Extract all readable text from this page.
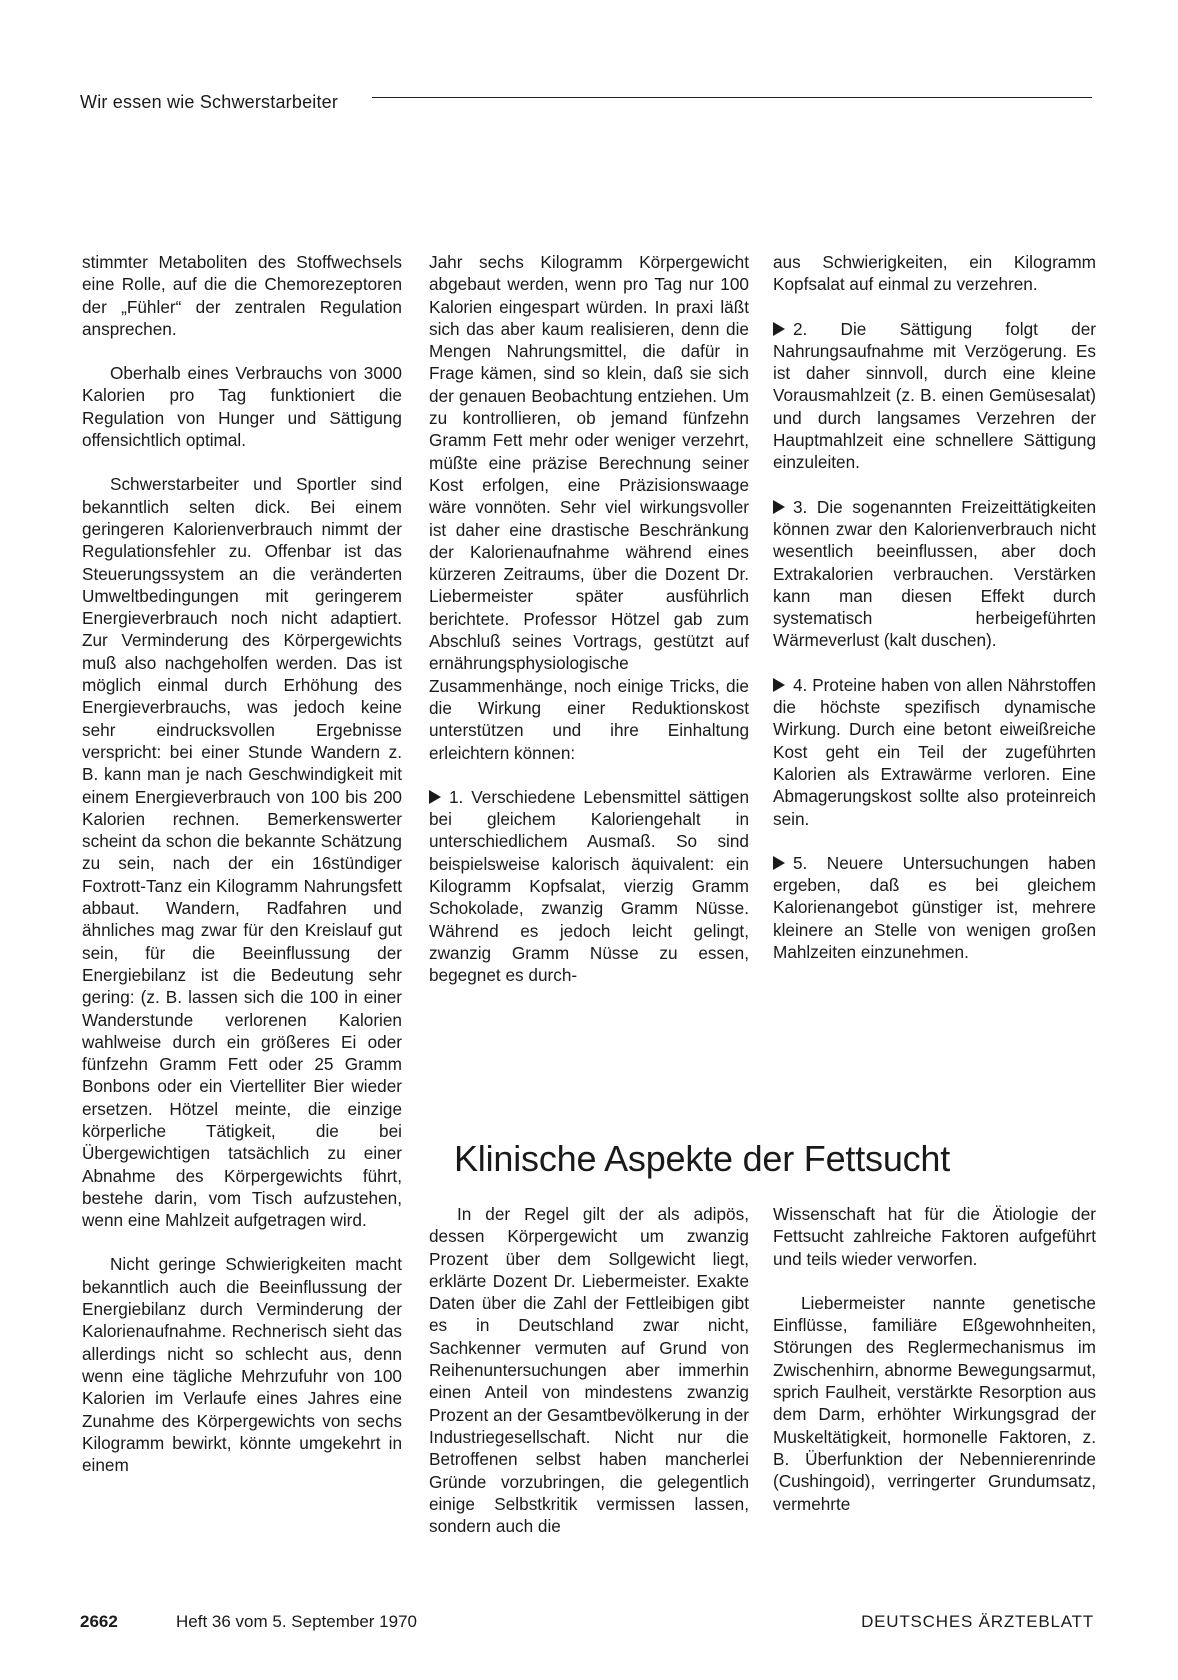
Wir essen wie Schwerstarbeiter

stimmter Metaboliten des Stoffwechsels eine Rolle, auf die die Chemorezeptoren der „Fühler“ der zentralen Regulation ansprechen.

Oberhalb eines Verbrauchs von 3000 Kalorien pro Tag funktioniert die Regulation von Hunger und Sättigung offensichtlich optimal.

Schwerstarbeiter und Sportler sind bekanntlich selten dick. Bei einem geringeren Kalorienverbrauch nimmt der Regulationsfehler zu. Offenbar ist das Steuerungssystem an die veränderten Umweltbedingungen mit geringerem Energieverbrauch noch nicht adaptiert. Zur Verminderung des Körpergewichts muß also nachgeholfen werden. Das ist möglich einmal durch Erhöhung des Energieverbrauchs, was jedoch keine sehr eindrucksvollen Ergebnisse verspricht: bei einer Stunde Wandern z. B. kann man je nach Geschwindigkeit mit einem Energieverbrauch von 100 bis 200 Kalorien rechnen. Bemerkenswerter scheint da schon die bekannte Schätzung zu sein, nach der ein 16stündiger Foxtrott-Tanz ein Kilogramm Nahrungsfett abbaut. Wandern, Radfahren und ähnliches mag zwar für den Kreislauf gut sein, für die Beeinflussung der Energiebilanz ist die Bedeutung sehr gering: (z. B. lassen sich die 100 in einer Wanderstunde verlorenen Kalorien wahlweise durch ein größeres Ei oder fünfzehn Gramm Fett oder 25 Gramm Bonbons oder ein Viertelliter Bier wieder ersetzen. Hötzel meinte, die einzige körperliche Tätigkeit, die bei Übergewichtigen tatsächlich zu einer Abnahme des Körpergewichts führt, bestehe darin, vom Tisch aufzustehen, wenn eine Mahlzeit aufgetragen wird.

Nicht geringe Schwierigkeiten macht bekanntlich auch die Beeinflussung der Energiebilanz durch Verminderung der Kalorienaufnahme. Rechnerisch sieht das allerdings nicht so schlecht aus, denn wenn eine tägliche Mehrzufuhr von 100 Kalorien im Verlaufe eines Jahres eine Zunahme des Körpergewichts von sechs Kilogramm bewirkt, könnte umgekehrt in einem

Jahr sechs Kilogramm Körpergewicht abgebaut werden, wenn pro Tag nur 100 Kalorien eingespart würden. In praxi läßt sich das aber kaum realisieren, denn die Mengen Nahrungsmittel, die dafür in Frage kämen, sind so klein, daß sie sich der genauen Beobachtung entziehen. Um zu kontrollieren, ob jemand fünfzehn Gramm Fett mehr oder weniger verzehrt, müßte eine präzise Berechnung seiner Kost erfolgen, eine Präzisionswaage wäre vonnöten. Sehr viel wirkungsvoller ist daher eine drastische Beschränkung der Kalorienaufnahme während eines kürzeren Zeitraums, über die Dozent Dr. Liebermeister später ausführlich berichtete. Professor Hötzel gab zum Abschluß seines Vortrags, gestützt auf ernährungsphysiologische Zusammenhänge, noch einige Tricks, die die Wirkung einer Reduktionskost unterstützen und ihre Einhaltung erleichtern können:

1. Verschiedene Lebensmittel sättigen bei gleichem Kaloriengehalt in unterschiedlichem Ausmaß. So sind beispielsweise kalorisch äquivalent: ein Kilogramm Kopfsalat, vierzig Gramm Schokolade, zwanzig Gramm Nüsse. Während es jedoch leicht gelingt, zwanzig Gramm Nüsse zu essen, begegnet es durch-

aus Schwierigkeiten, ein Kilogramm Kopfsalat auf einmal zu verzehren.

2. Die Sättigung folgt der Nahrungsaufnahme mit Verzögerung. Es ist daher sinnvoll, durch eine kleine Vorausmahlzeit (z. B. einen Gemüsesalat) und durch langsames Verzehren der Hauptmahlzeit eine schnellere Sättigung einzuleiten.

3. Die sogenannten Freizeittätigkeiten können zwar den Kalorienverbrauch nicht wesentlich beeinflussen, aber doch Extrakalorien verbrauchen. Verstärken kann man diesen Effekt durch systematisch herbeigeführten Wärmeverlust (kalt duschen).

4. Proteine haben von allen Nährstoffen die höchste spezifisch dynamische Wirkung. Durch eine betont eiweißreiche Kost geht ein Teil der zugeführten Kalorien als Extrawärme verloren. Eine Abmagerungskost sollte also proteinreich sein.

5. Neuere Untersuchungen haben ergeben, daß es bei gleichem Kalorienangebot günstiger ist, mehrere kleinere an Stelle von wenigen großen Mahlzeiten einzunehmen.

Klinische Aspekte der Fettsucht

In der Regel gilt der als adipös, dessen Körpergewicht um zwanzig Prozent über dem Sollgewicht liegt, erklärte Dozent Dr. Liebermeister. Exakte Daten über die Zahl der Fettleibigen gibt es in Deutschland zwar nicht, Sachkenner vermuten auf Grund von Reihenuntersuchungen aber immerhin einen Anteil von mindestens zwanzig Prozent an der Gesamtbevölkerung in der Industriegesellschaft. Nicht nur die Betroffenen selbst haben mancherlei Gründe vorzubringen, die gelegentlich einige Selbstkritik vermissen lassen, sondern auch die

Wissenschaft hat für die Ätiologie der Fettsucht zahlreiche Faktoren aufgeführt und teils wieder verworfen.

Liebermeister nannte genetische Einflüsse, familiäre Eßgewohnheiten, Störungen des Reglermechanismus im Zwischenhirn, abnorme Bewegungsarmut, sprich Faulheit, verstärkte Resorption aus dem Darm, erhöhter Wirkungsgrad der Muskeltätigkeit, hormonelle Faktoren, z. B. Überfunktion der Nebennierenrinde (Cushingoid), verringerter Grundumsatz, vermehrte

2662	Heft 36 vom 5. September 1970	DEUTSCHES ÄRZTEBLATT
